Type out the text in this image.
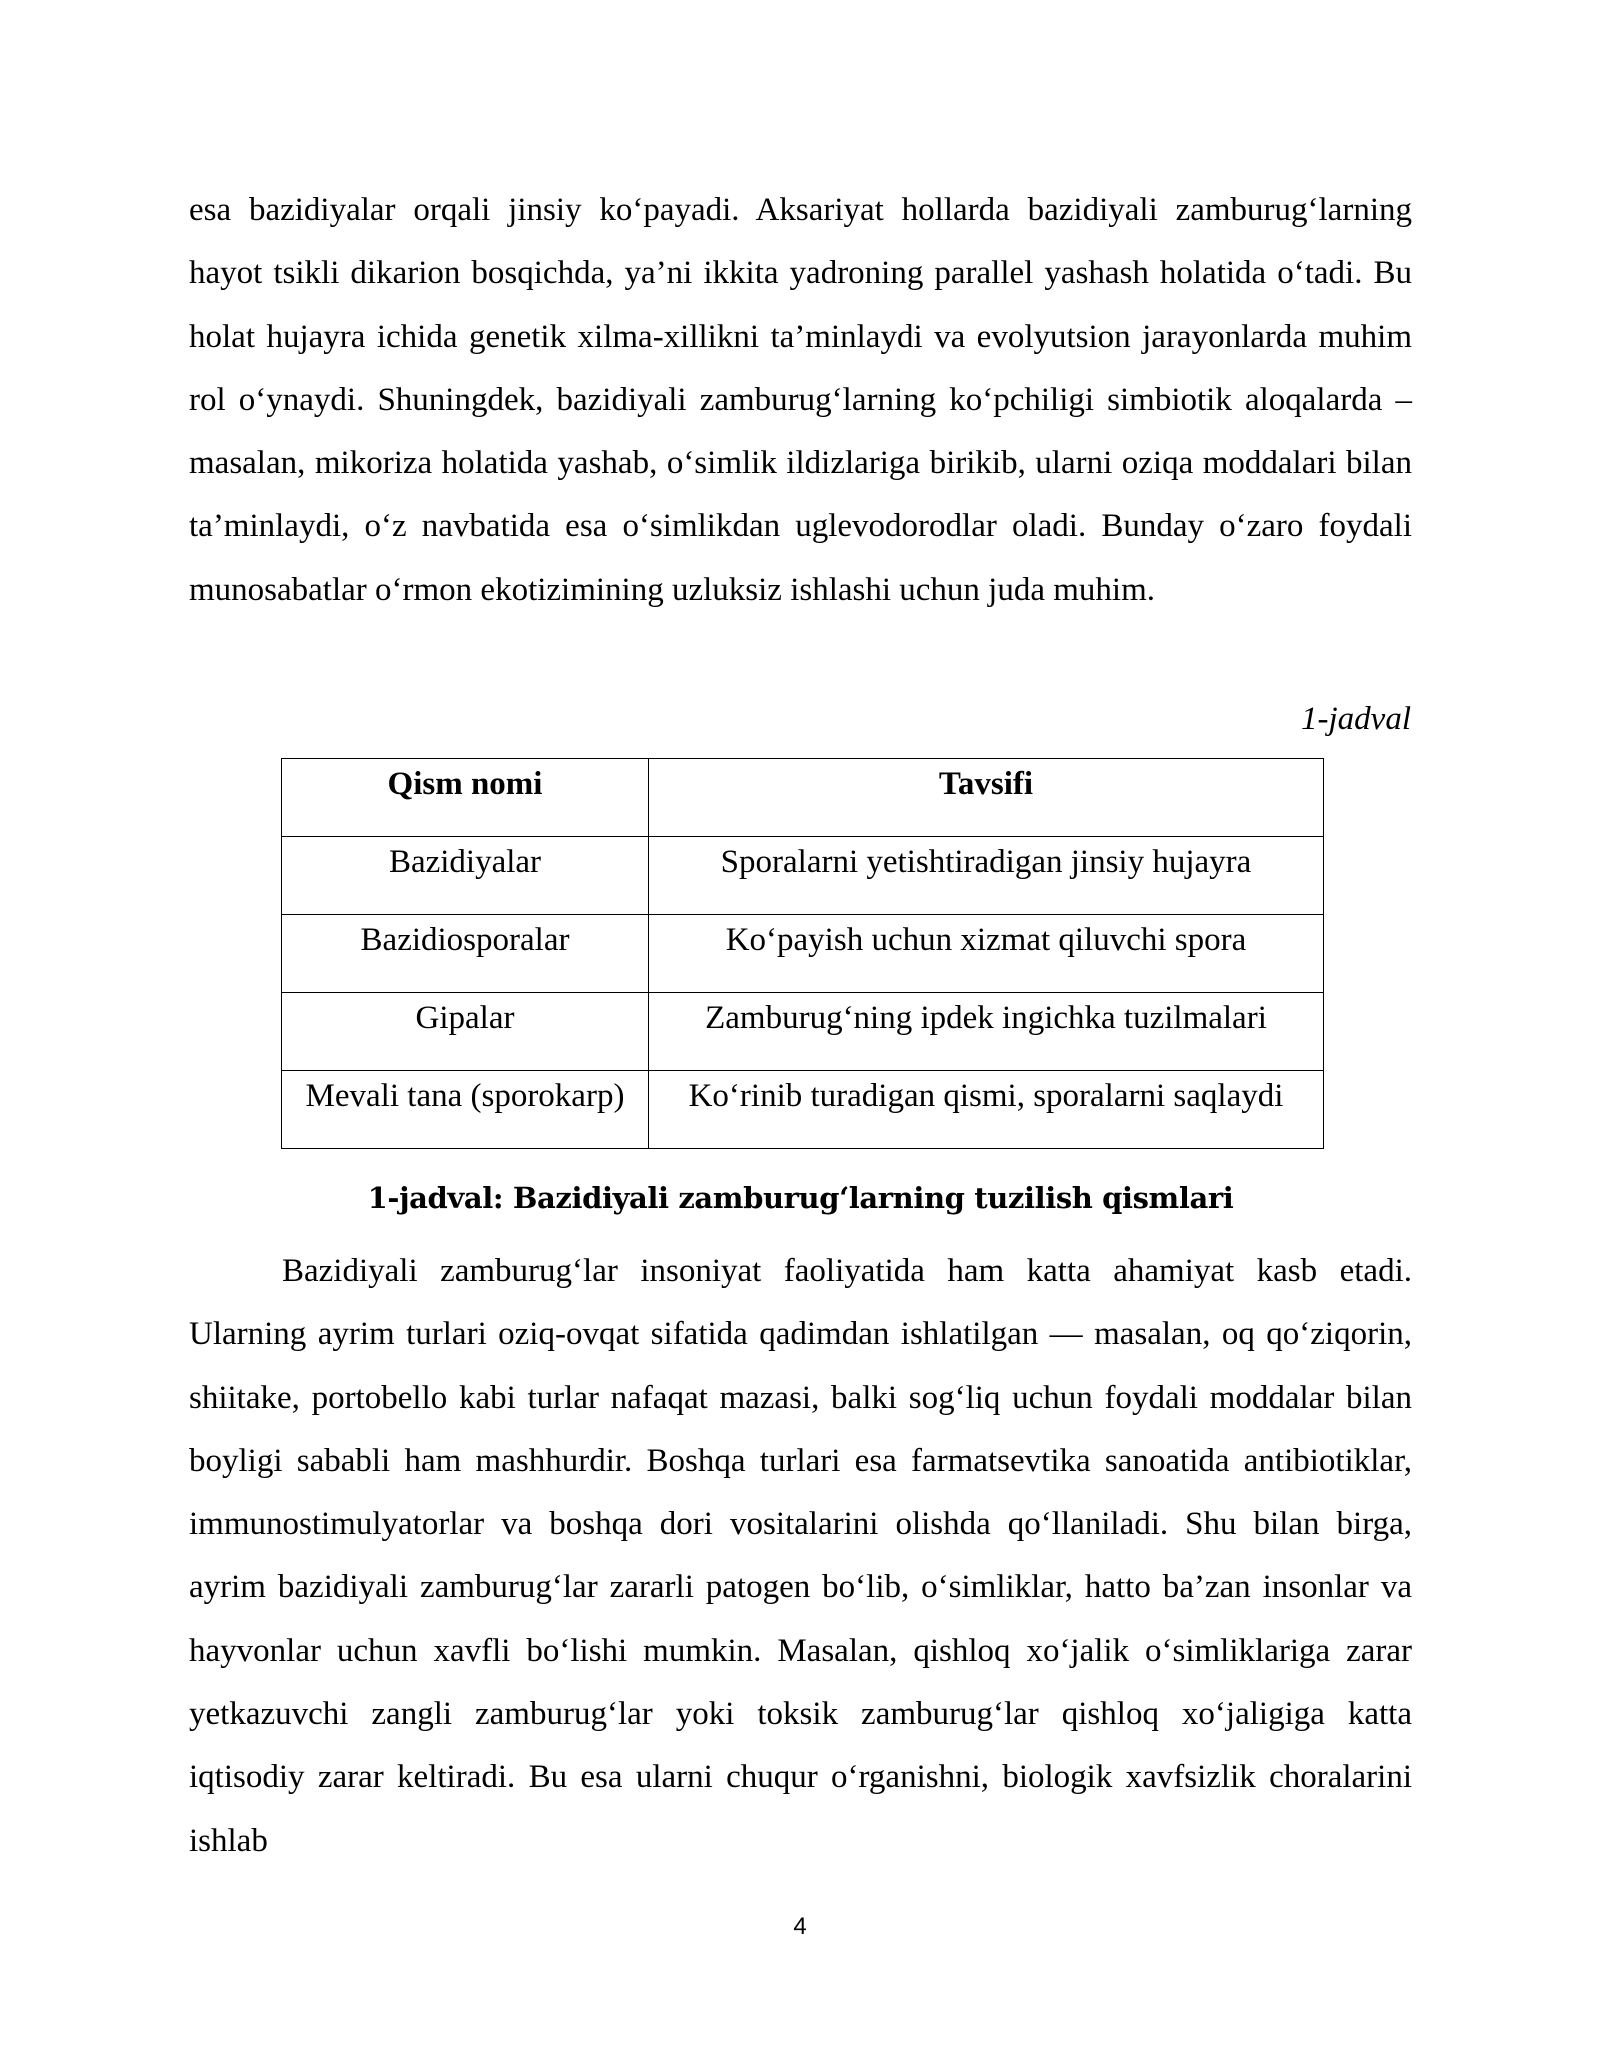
esa bazidiyalar orqali jinsiy ko‘payadi. Aksariyat hollarda bazidiyali zamburug‘larning hayot tsikli dikarion bosqichda, ya’ni ikkita yadroning parallel yashash holatida o‘tadi. Bu holat hujayra ichida genetik xilma-xillikni ta’minlaydi va evolyutsion jarayonlarda muhim rol o‘ynaydi. Shuningdek, bazidiyali zamburug‘larning ko‘pchiligi simbiotik aloqalarda – masalan, mikoriza holatida yashab, o‘simlik ildizlariga birikib, ularni oziqa moddalari bilan ta’minlaydi, o‘z navbatida esa o‘simlikdan uglevodorodlar oladi. Bunday o‘zaro foydali munosabatlar o‘rmon ekotizimining uzluksiz ishlashi uchun juda muhim.

1-jadval
Qism nomi	Tavsifi
Bazidiyalar	Sporalarni yetishtiradigan jinsiy hujayra
Bazidiosporalar	Ko‘payish uchun xizmat qiluvchi spora
Gipalar	Zamburug‘ning ipdek ingichka tuzilmalari
Mevali tana (sporokarp)	Ko‘rinib turadigan qismi, sporalarni saqlaydi
1-jadval: Bazidiyali zamburug‘larning tuzilish qismlari

Bazidiyali zamburug‘lar insoniyat faoliyatida ham katta ahamiyat kasb etadi. Ularning ayrim turlari oziq-ovqat sifatida qadimdan ishlatilgan — masalan, oq qo‘ziqorin, shiitake, portobello kabi turlar nafaqat mazasi, balki sog‘liq uchun foydali moddalar bilan boyligi sababli ham mashhurdir. Boshqa turlari esa farmatsevtika sanoatida antibiotiklar, immunostimulyatorlar va boshqa dori vositalarini olishda qo‘llaniladi. Shu bilan birga, ayrim bazidiyali zamburug‘lar zararli patogen bo‘lib, o‘simliklar, hatto ba’zan insonlar va hayvonlar uchun xavfli bo‘lishi mumkin. Masalan, qishloq xo‘jalik o‘simliklariga zarar yetkazuvchi zangli zamburug‘lar yoki toksik zamburug‘lar qishloq xo‘jaligiga katta iqtisodiy zarar keltiradi. Bu esa ularni chuqur o‘rganishni, biologik xavfsizlik choralarini ishlab

4
